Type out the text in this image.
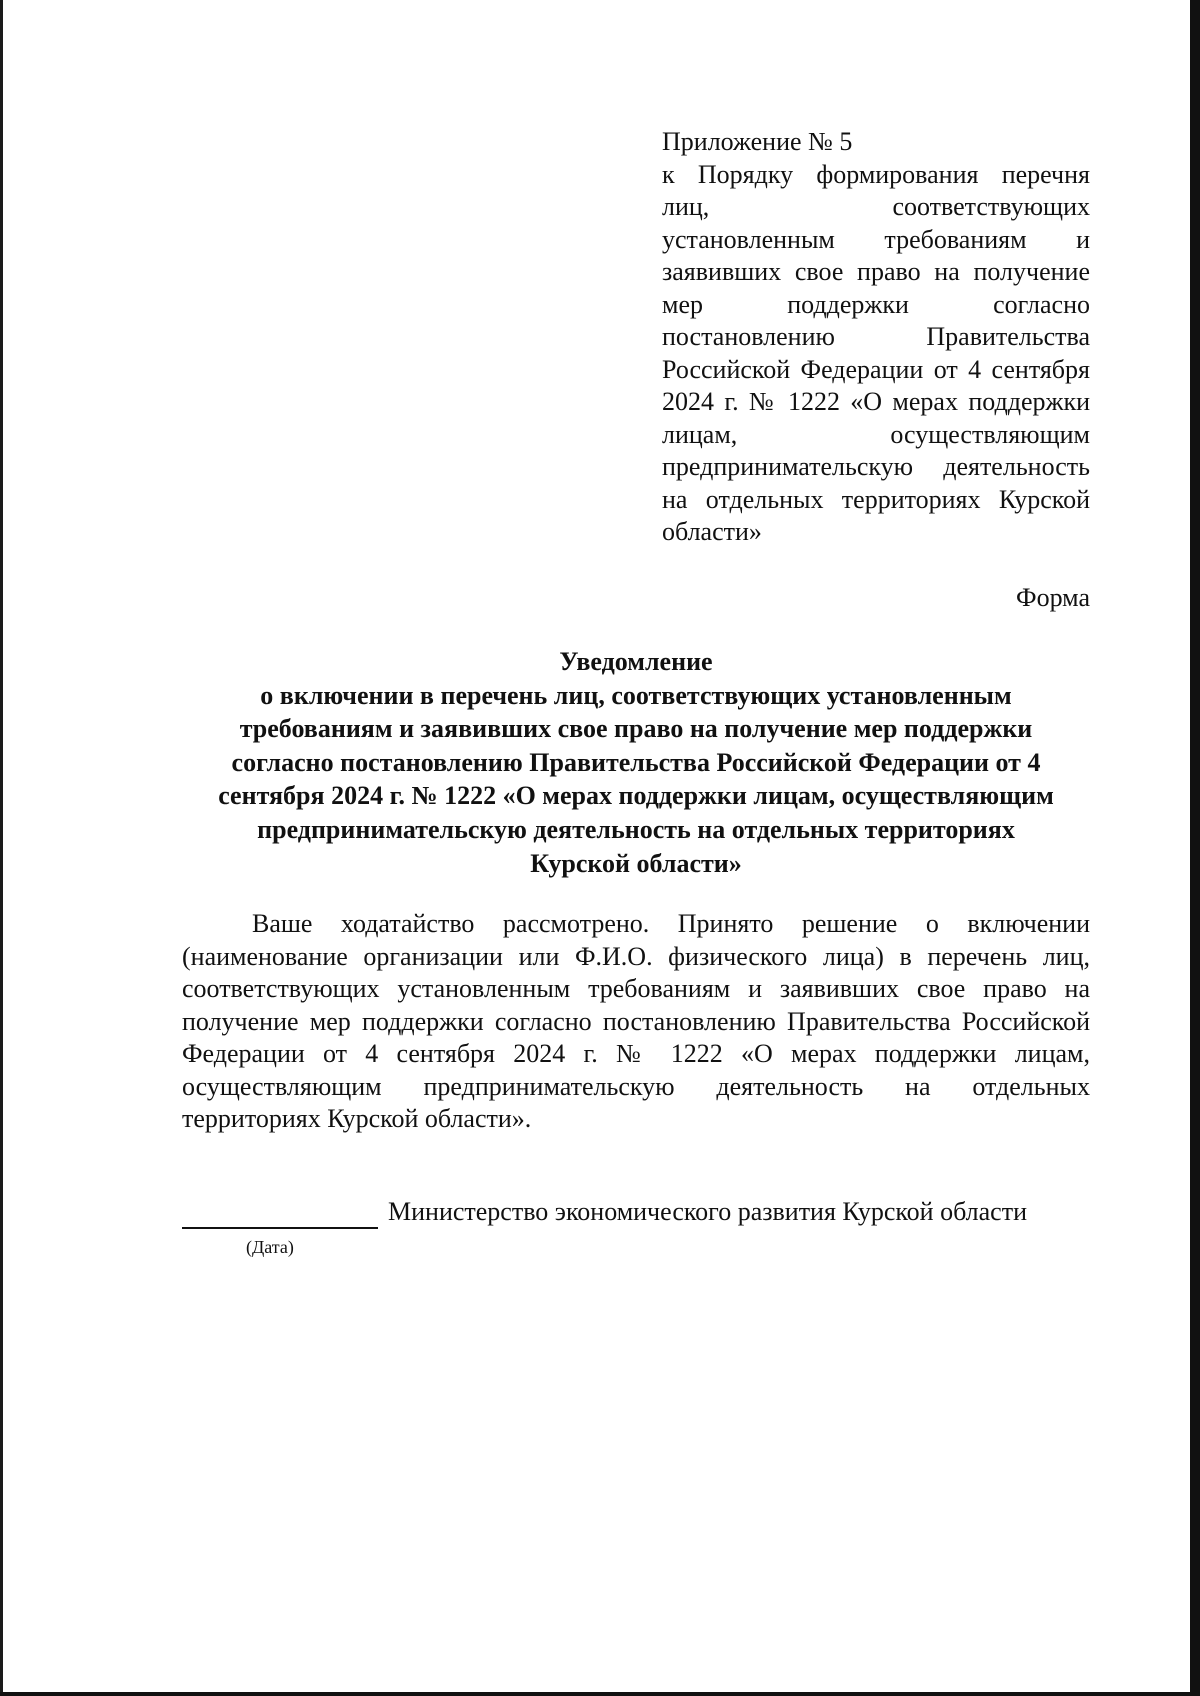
Приложение № 5
к Порядку формирования перечня лиц, соответствующих установленным требованиям и заявивших свое право на получение мер поддержки согласно постановлению Правительства Российской Федерации от 4 сентября 2024 г. № 1222 «О мерах поддержки лицам, осуществляющим предпринимательскую деятельность на отдельных территориях Курской области»
Форма
Уведомление
о включении в перечень лиц, соответствующих установленным требованиям и заявивших свое право на получение мер поддержки согласно постановлению Правительства Российской Федерации от 4 сентября 2024 г. № 1222 «О мерах поддержки лицам, осуществляющим предпринимательскую деятельность на отдельных территориях Курской области»
Ваше ходатайство рассмотрено. Принято решение о включении (наименование организации или Ф.И.О. физического лица) в перечень лиц, соответствующих установленным требованиям и заявивших свое право на получение мер поддержки согласно постановлению Правительства Российской Федерации от 4 сентября 2024 г. № 1222 «О мерах поддержки лицам, осуществляющим предпринимательскую деятельность на отдельных территориях Курской области».
(Дата)
Министерство экономического развития Курской области
